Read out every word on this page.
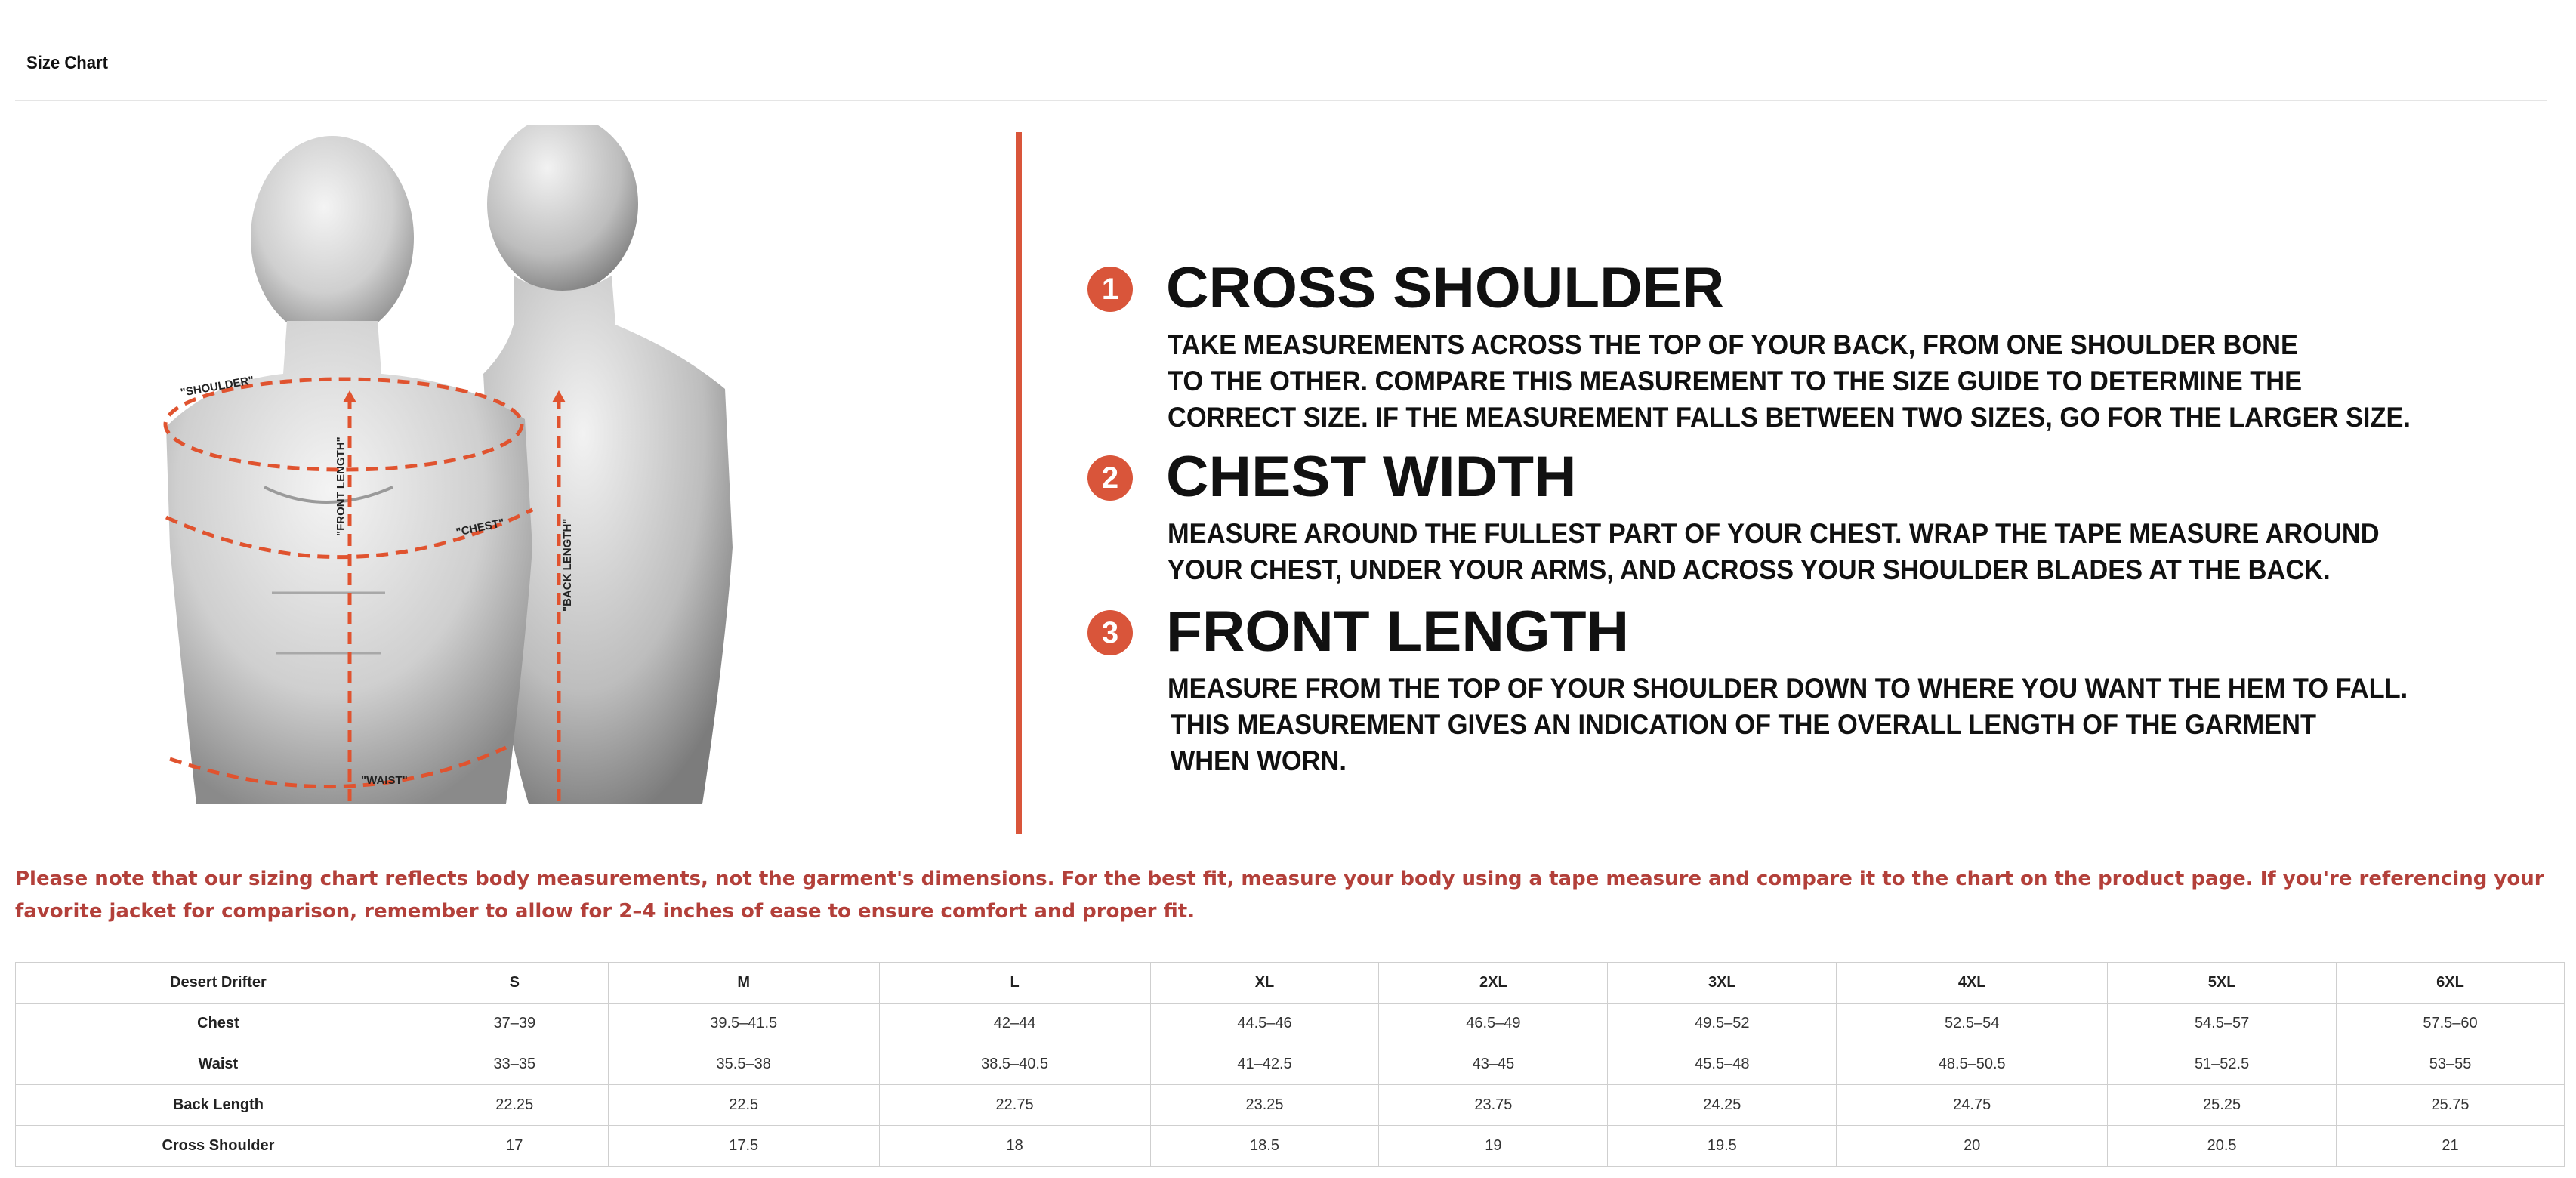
Size Chart
"SHOULDER"
"FRONT LENGTH"	"CHEST"	"BACK LENGTH"
"WAIST"
1 CROSS SHOULDER
TAKE MEASUREMENTS ACROSS THE TOP OF YOUR BACK, FROM ONE SHOULDER BONE
TO THE OTHER. COMPARE THIS MEASUREMENT TO THE SIZE GUIDE TO DETERMINE THE
CORRECT SIZE. IF THE MEASUREMENT FALLS BETWEEN TWO SIZES, GO FOR THE LARGER SIZE.
2 CHEST WIDTH
MEASURE AROUND THE FULLEST PART OF YOUR CHEST. WRAP THE TAPE MEASURE AROUND
YOUR CHEST, UNDER YOUR ARMS, AND ACROSS YOUR SHOULDER BLADES AT THE BACK.
3 FRONT LENGTH
MEASURE FROM THE TOP OF YOUR SHOULDER DOWN TO WHERE YOU WANT THE HEM TO FALL.
THIS MEASUREMENT GIVES AN INDICATION OF THE OVERALL LENGTH OF THE GARMENT
WHEN WORN.
Please note that our sizing chart reflects body measurements, not the garment's dimensions. For the best fit, measure your body using a tape measure and compare it to the chart on the product page. If you're referencing your favorite jacket for comparison, remember to allow for 2–4 inches of ease to ensure comfort and proper fit.
Desert Drifter	S	M	L	XL	2XL	3XL	4XL	5XL	6XL
Chest	37–39	39.5–41.5	42–44	44.5–46	46.5–49	49.5–52	52.5–54	54.5–57	57.5–60
Waist	33–35	35.5–38	38.5–40.5	41–42.5	43–45	45.5–48	48.5–50.5	51–52.5	53–55
Back Length	22.25	22.5	22.75	23.25	23.75	24.25	24.75	25.25	25.75
Cross Shoulder	17	17.5	18	18.5	19	19.5	20	20.5	21
